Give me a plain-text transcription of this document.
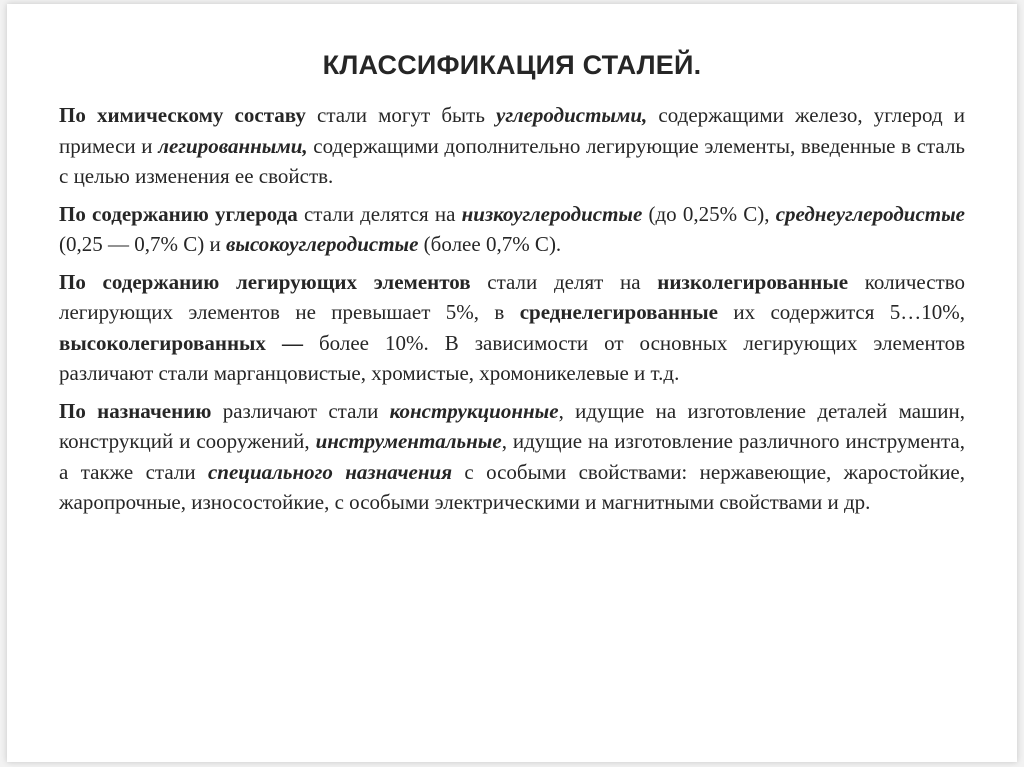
КЛАССИФИКАЦИЯ СТАЛЕЙ.

По химическому составу стали могут быть углеродистыми, содержащими железо, углерод и примеси и легированными, содержащими дополнительно легирующие элементы, введенные в сталь с целью изменения ее свойств.

По содержанию углерода стали делятся на низкоуглеродистые (до 0,25% С), среднеуглеродистые (0,25 — 0,7% С) и высокоуглеродистые (более 0,7% С).

По содержанию легирующих элементов стали делят на низколегированные количество легирующих элементов не превышает 5%, в среднелегированные их содержится 5…10%, высоколегированных — более 10%. В зависимости от основных легирующих элементов различают стали марганцовистые, хромистые, хромоникелевые и т.д.

По назначению различают стали конструкционные, идущие на изготовление деталей машин, конструкций и сооружений, инструментальные, идущие на изготовление различного инструмента, а также стали специального назначения с особыми свойствами: нержавеющие, жаростойкие, жаропрочные, износостойкие, с особыми электрическими и магнитными свойствами и др.
